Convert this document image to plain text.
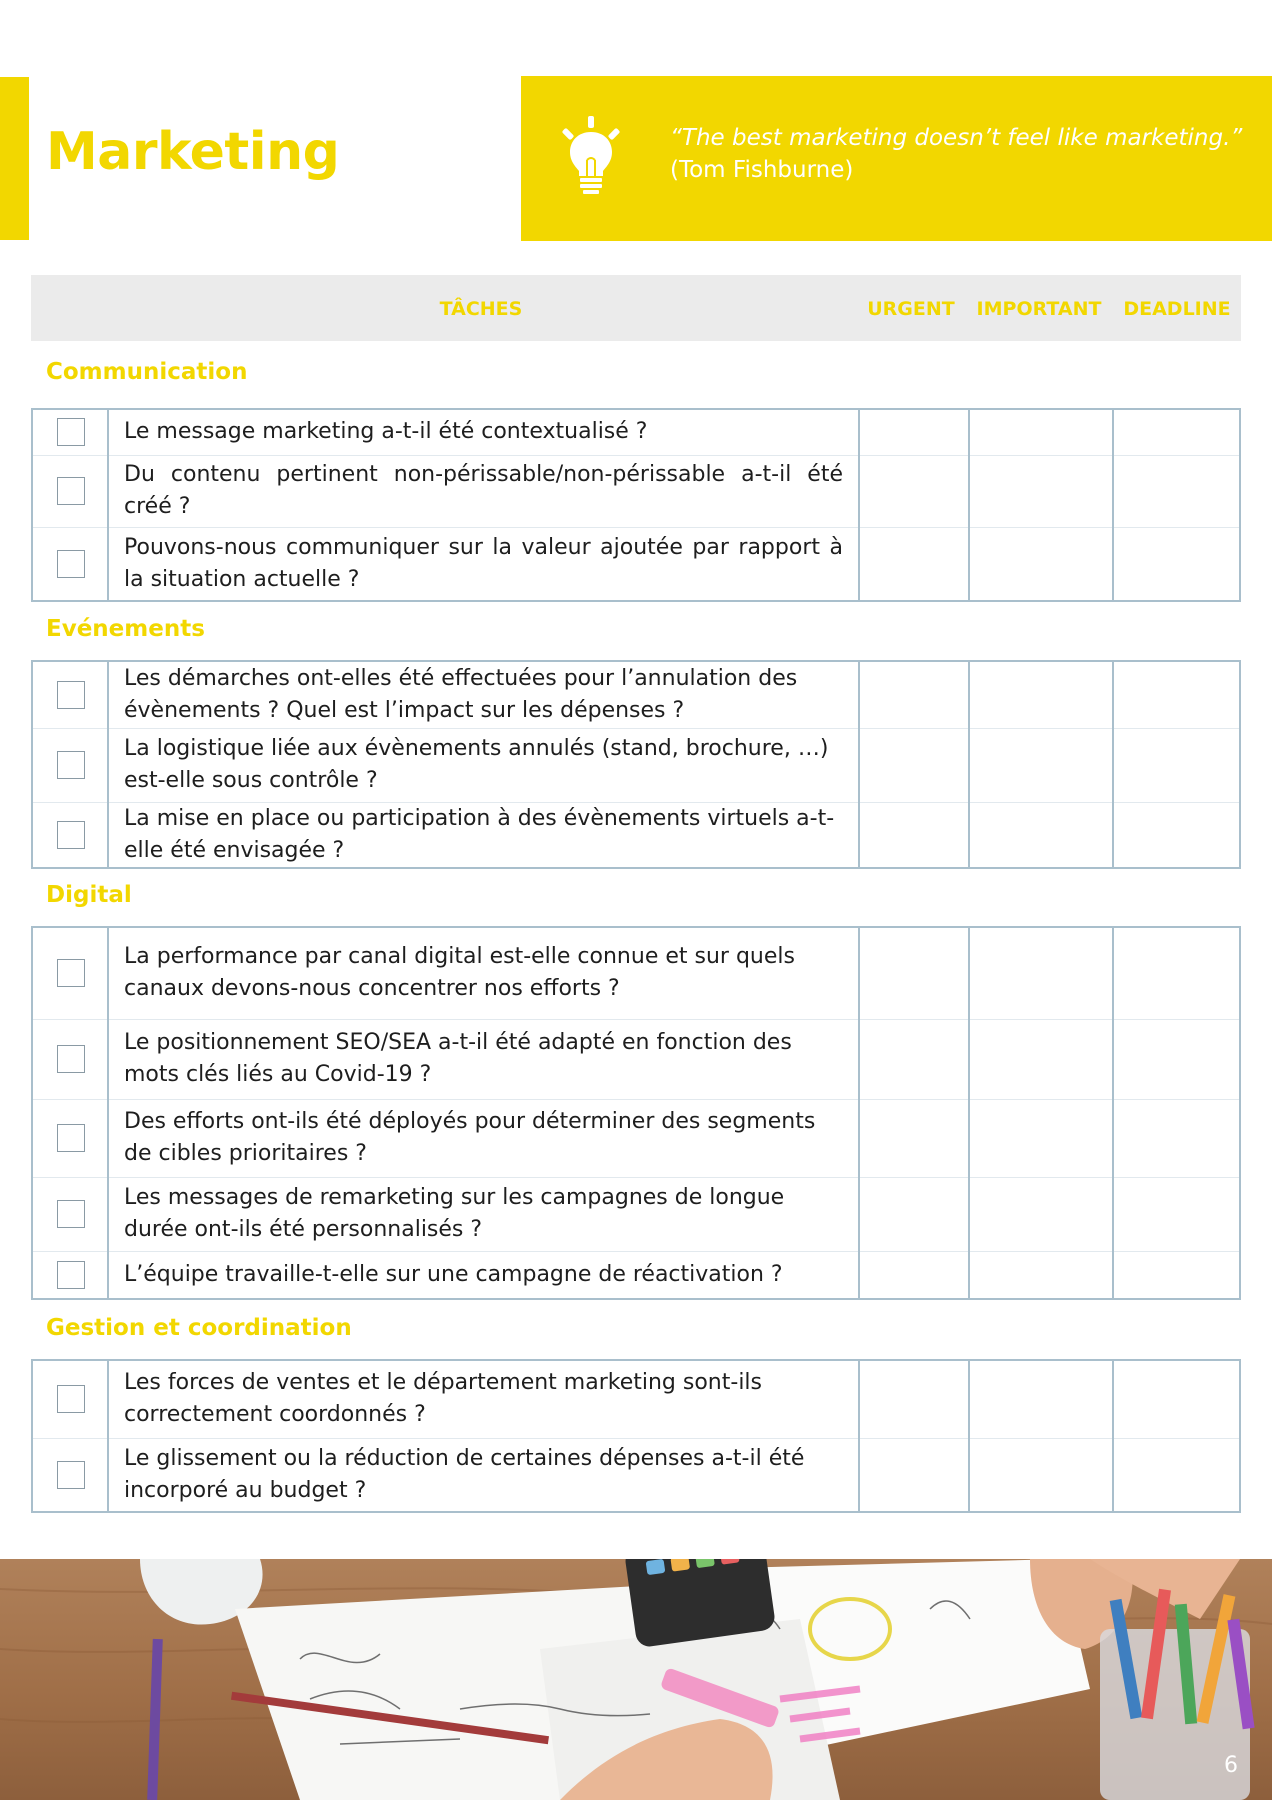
Marketing	“The best marketing doesn’t feel like marketing.”
(Tom Fishburne)
TÂCHES	URGENT	IMPORTANT	DEADLINE
Communication

	Le message marketing a-t-il été contextualisé ?			

	Du contenu pertinent non-périssable/non-périssable a-t-il été créé ?			

	Pouvons-nous communiquer sur la valeur ajoutée par rapport à la situation actuelle ?			

Evénements

	Les démarches ont-elles été effectuées pour l’annulation des évènements ? Quel est l’impact sur les dépenses ?			

	La logistique liée aux évènements annulés (stand, brochure, …) est-elle sous contrôle ?			

	La mise en place ou participation à des évènements virtuels a-t-elle été envisagée ?			

Digital

	La performance par canal digital est-elle connue et sur quels canaux devons-nous concentrer nos efforts ?			

	Le positionnement SEO/SEA a-t-il été adapté en fonction des mots clés liés au Covid-19 ?			

	Des efforts ont-ils été déployés pour déterminer des segments de cibles prioritaires ?			

	Les messages de remarketing sur les campagnes de longue durée ont-ils été personnalisés ?			

	L’équipe travaille-t-elle sur une campagne de réactivation ?			

Gestion et coordination

	Les forces de ventes et le département marketing sont-ils correctement coordonnés ?			

	Le glissement ou la réduction de certaines dépenses a-t-il été incorporé au budget ?			

6
